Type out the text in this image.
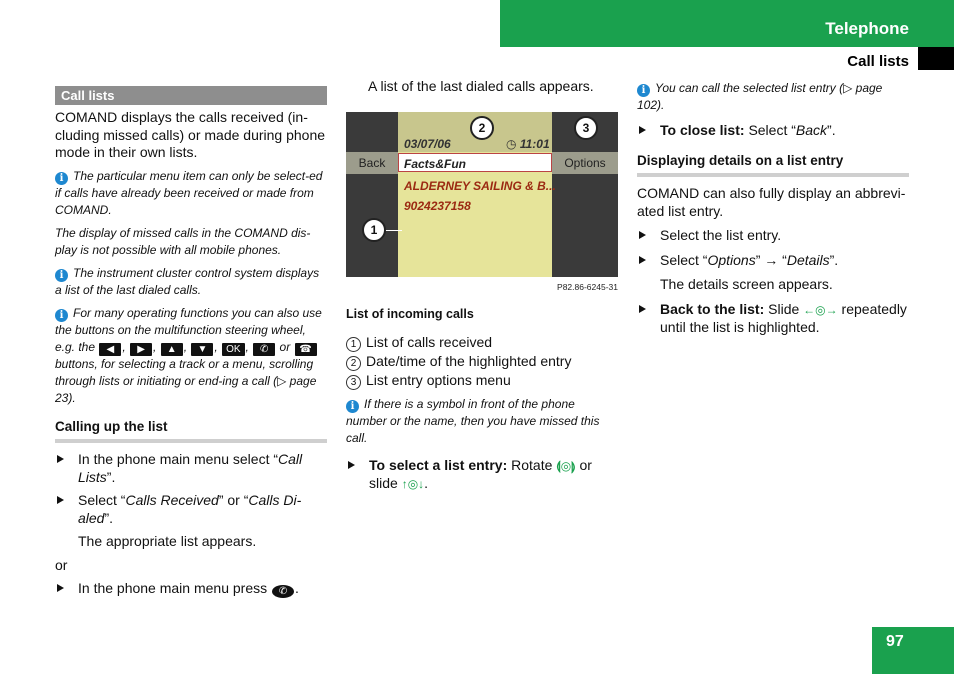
Telephone
Call lists
Call lists

COMAND displays the calls received (in-cluding missed calls) or made during phone mode in their own lists.

i The particular menu item can only be select-ed if calls have already been received or made from COMAND.

The display of missed calls in the COMAND dis-play is not possible with all mobile phones.

i The instrument cluster control system displays a list of the last dialed calls.

i For many operating functions you can also use the buttons on the multifunction steering wheel, e.g. the ◀ , ▶ , ▲ , ▼ , OK , ✆ or ☎ buttons, for selecting a track or a menu, scrolling through lists or initiating or end-ing a call (▷ page 23).

Calling up the list

In the phone main menu select “Call Lists”.

Select “Calls Received” or “Calls Di-aled”.

The appropriate list appears.

or

In the phone main menu press ✆ .

A list of the last dialed calls appears.

03/07/06	◷ 11:01
Back	Options
Facts&Fun
ALDERNEY SAILING & B...
9024237158
1
2	3
P82.86-6245-31
List of incoming calls

1 List of calls received

2 Date/time of the highlighted entry

3 List entry options menu

i If there is a symbol in front of the phone number or the name, then you have missed this call.

To select a list entry: Rotate ⟬◎⟭ or slide ↑◎↓.

i You can call the selected list entry (▷ page 102).

To close list: Select “Back”.

Displaying details on a list entry

COMAND can also fully display an abbrevi-ated list entry.

Select the list entry.

Select “Options” → “Details”.

The details screen appears.

Back to the list: Slide ←◎→ repeatedly until the list is highlighted.

97
